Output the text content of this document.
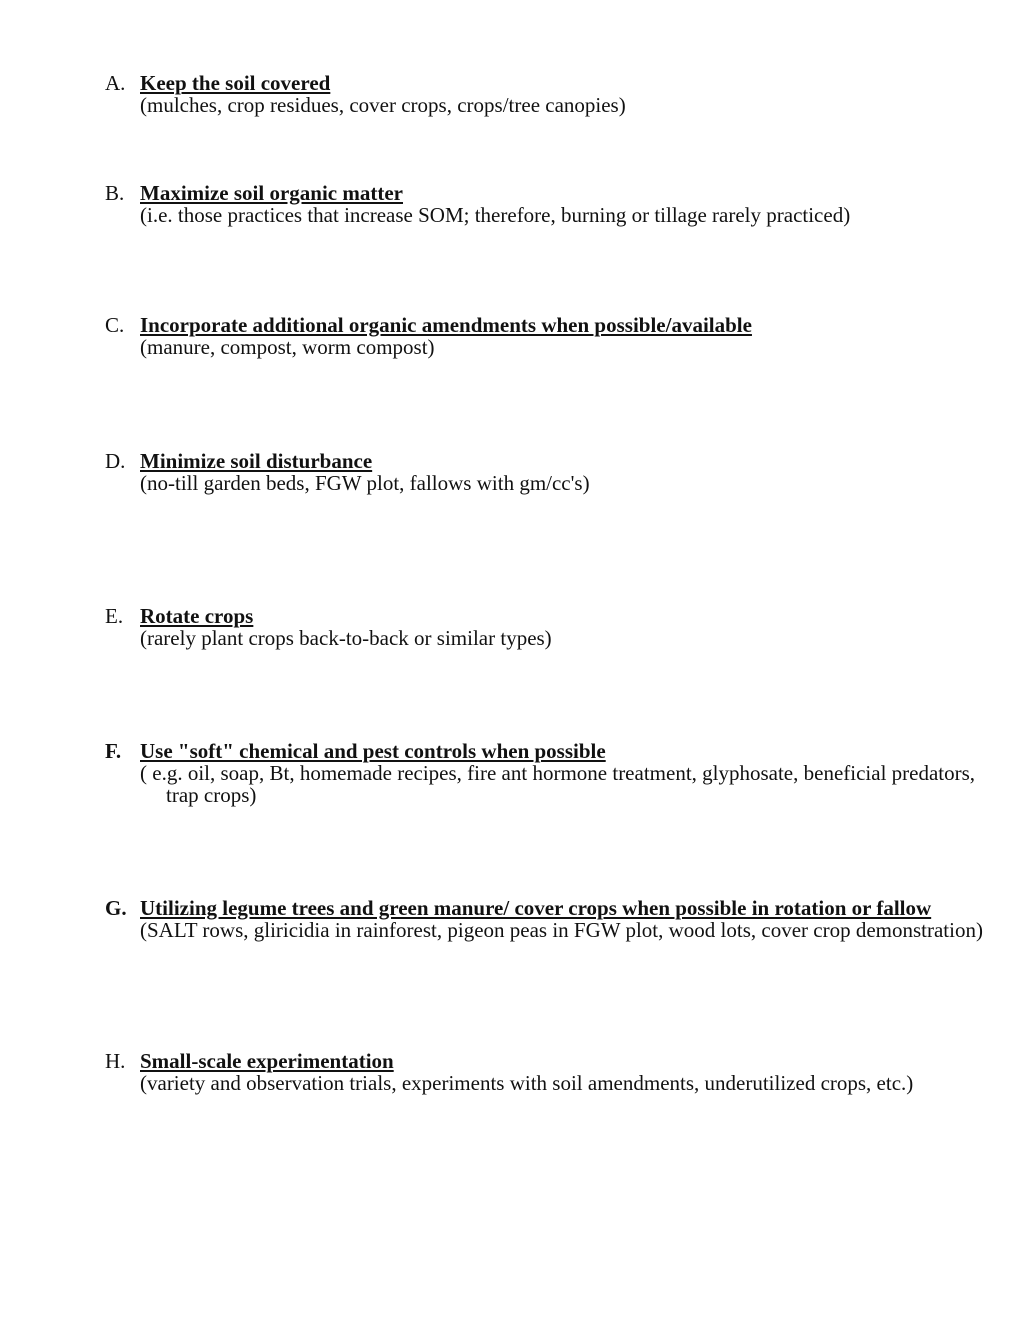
A. Keep the soil covered
(mulches, crop residues, cover crops, crops/tree canopies)
B. Maximize soil organic matter
(i.e. those practices that increase SOM; therefore, burning or tillage rarely practiced)
C. Incorporate additional organic amendments when possible/available
(manure, compost, worm compost)
D. Minimize soil disturbance
(no-till garden beds, FGW plot, fallows with gm/cc's)
E. Rotate crops
(rarely plant crops back-to-back or similar types)
F. Use "soft" chemical and pest controls when possible
( e.g. oil, soap, Bt, homemade recipes, fire ant hormone treatment, glyphosate, beneficial predators,
trap crops)
G. Utilizing legume trees and green manure/ cover crops when possible in rotation or fallow
(SALT rows, gliricidia in rainforest, pigeon peas in FGW plot, wood lots, cover crop demonstration)
H. Small-scale experimentation
(variety and observation trials, experiments with soil amendments, underutilized crops, etc.)
